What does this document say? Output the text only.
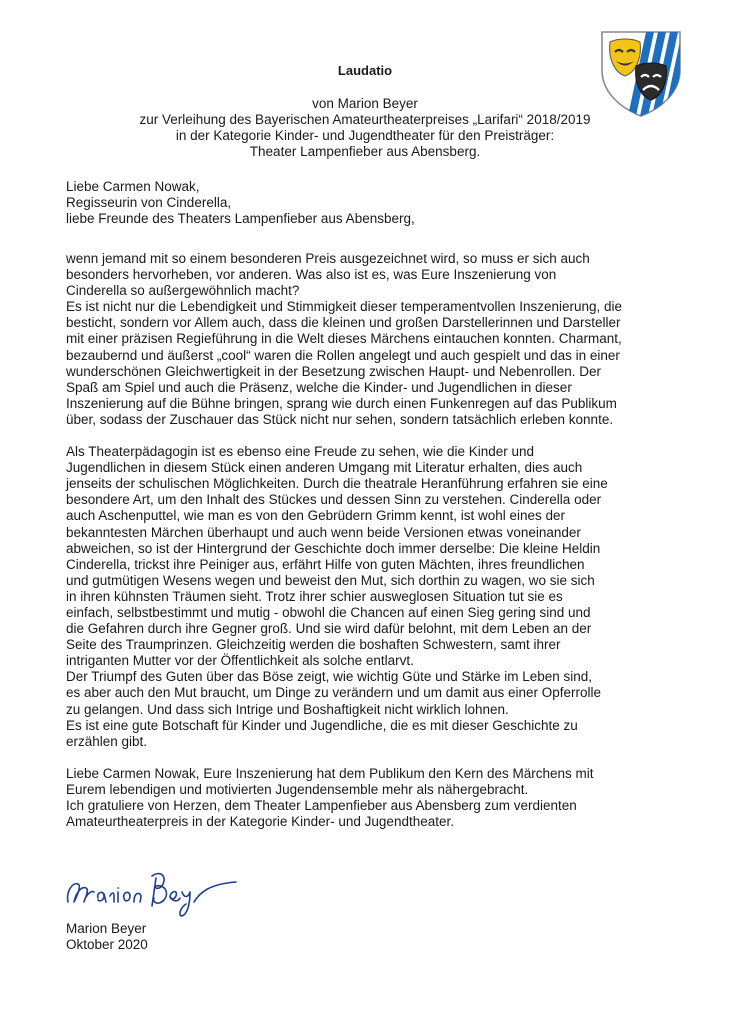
Laudatio
von Marion Beyer
zur Verleihung des Bayerischen Amateurtheaterpreises „Larifari“ 2018/2019
in der Kategorie Kinder- und Jugendtheater für den Preisträger:
Theater Lampenfieber aus Abensberg.
Liebe Carmen Nowak,
Regisseurin von Cinderella,
liebe Freunde des Theaters Lampenfieber aus Abensberg,
wenn jemand mit so einem besonderen Preis ausgezeichnet wird, so muss er sich auch
besonders hervorheben, vor anderen. Was also ist es, was Eure Inszenierung von
Cinderella so außergewöhnlich macht?
Es ist nicht nur die Lebendigkeit und Stimmigkeit dieser temperamentvollen Inszenierung, die
besticht, sondern vor Allem auch, dass die kleinen und großen Darstellerinnen und Darsteller
mit einer präzisen Regieführung in die Welt dieses Märchens eintauchen konnten. Charmant,
bezaubernd und äußerst „cool“ waren die Rollen angelegt und auch gespielt und das in einer
wunderschönen Gleichwertigkeit in der Besetzung zwischen Haupt- und Nebenrollen. Der
Spaß am Spiel und auch die Präsenz, welche die Kinder- und Jugendlichen in dieser
Inszenierung auf die Bühne bringen, sprang wie durch einen Funkenregen auf das Publikum
über, sodass der Zuschauer das Stück nicht nur sehen, sondern tatsächlich erleben konnte.
Als Theaterpädagogin ist es ebenso eine Freude zu sehen, wie die Kinder und
Jugendlichen in diesem Stück einen anderen Umgang mit Literatur erhalten, dies auch
jenseits der schulischen Möglichkeiten. Durch die theatrale Heranführung erfahren sie eine
besondere Art, um den Inhalt des Stückes und dessen Sinn zu verstehen. Cinderella oder
auch Aschenputtel, wie man es von den Gebrüdern Grimm kennt, ist wohl eines der
bekanntesten Märchen überhaupt und auch wenn beide Versionen etwas voneinander
abweichen, so ist der Hintergrund der Geschichte doch immer derselbe: Die kleine Heldin
Cinderella, trickst ihre Peiniger aus, erfährt Hilfe von guten Mächten, ihres freundlichen
und gutmütigen Wesens wegen und beweist den Mut, sich dorthin zu wagen, wo sie sich
in ihren kühnsten Träumen sieht. Trotz ihrer schier ausweglosen Situation tut sie es
einfach, selbstbestimmt und mutig - obwohl die Chancen auf einen Sieg gering sind und
die Gefahren durch ihre Gegner groß. Und sie wird dafür belohnt, mit dem Leben an der
Seite des Traumprinzen. Gleichzeitig werden die boshaften Schwestern, samt ihrer
intriganten Mutter vor der Öffentlichkeit als solche entlarvt.
Der Triumpf des Guten über das Böse zeigt, wie wichtig Güte und Stärke im Leben sind,
es aber auch den Mut braucht, um Dinge zu verändern und um damit aus einer Opferrolle
zu gelangen. Und dass sich Intrige und Boshaftigkeit nicht wirklich lohnen.
Es ist eine gute Botschaft für Kinder und Jugendliche, die es mit dieser Geschichte zu
erzählen gibt.
Liebe Carmen Nowak, Eure Inszenierung hat dem Publikum den Kern des Märchens mit
Eurem lebendigen und motivierten Jugendensemble mehr als nähergebracht.
Ich gratuliere von Herzen, dem Theater Lampenfieber aus Abensberg zum verdienten
Amateurtheaterpreis in der Kategorie Kinder- und Jugendtheater.
Marion Beyer
Oktober 2020
